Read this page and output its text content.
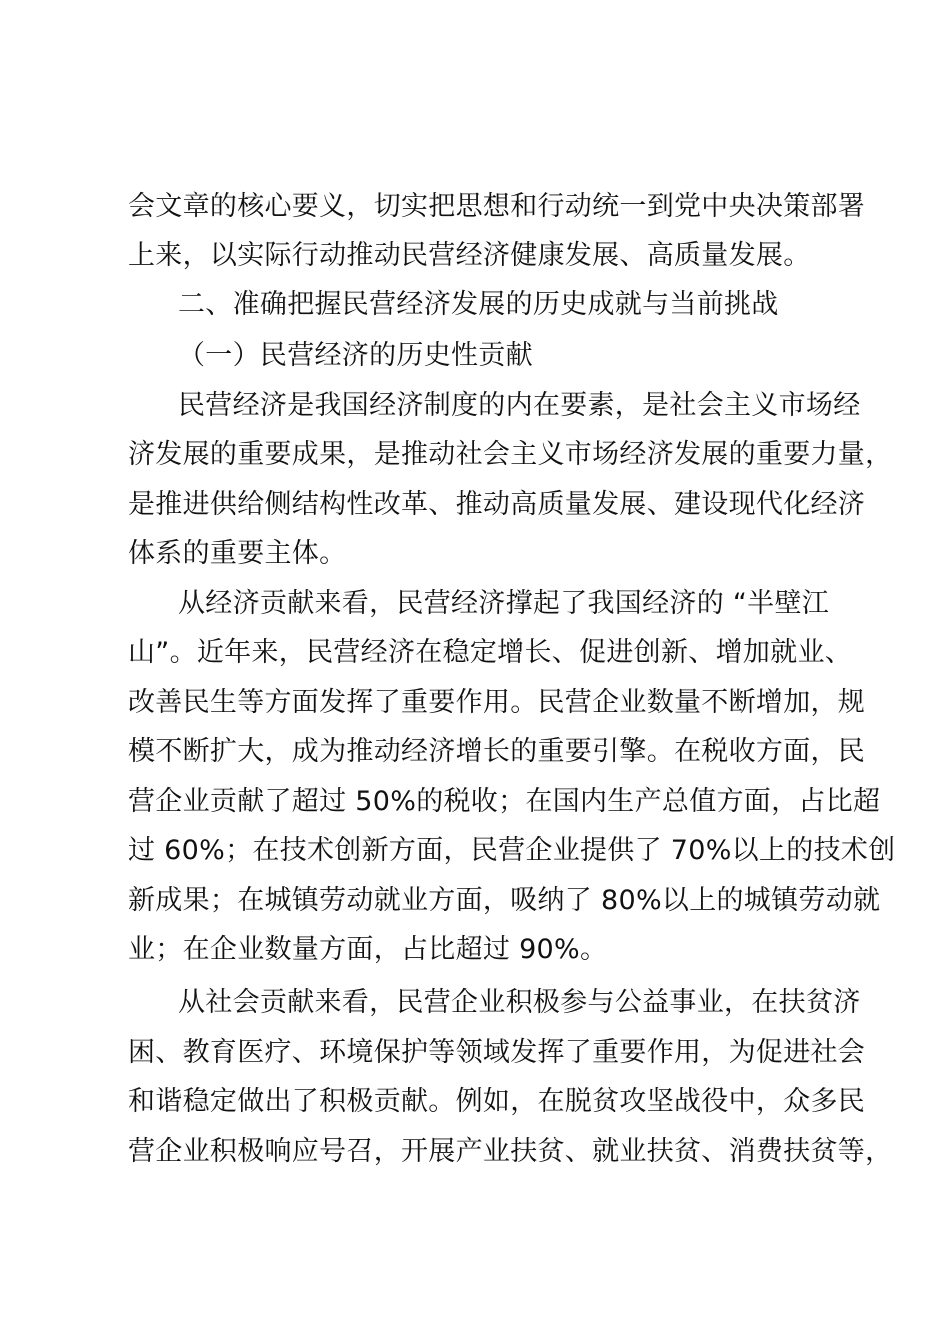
会文章的核心要义，切实把思想和行动统一到党中央决策部署
上来，以实际行动推动民营经济健康发展、高质量发展。
二、准确把握民营经济发展的历史成就与当前挑战
（一）民营经济的历史性贡献
民营经济是我国经济制度的内在要素，是社会主义市场经
济发展的重要成果，是推动社会主义市场经济发展的重要力量，
是推进供给侧结构性改革、推动高质量发展、建设现代化经济
体系的重要主体。
从经济贡献来看，民营经济撑起了我国经济的 “半壁江
山”。近年来，民营经济在稳定增长、促进创新、增加就业、
改善民生等方面发挥了重要作用。民营企业数量不断增加，规
模不断扩大，成为推动经济增长的重要引擎。在税收方面，民
营企业贡献了超过 50%的税收；在国内生产总值方面，占比超
过 60%；在技术创新方面，民营企业提供了 70%以上的技术创
新成果；在城镇劳动就业方面，吸纳了 80%以上的城镇劳动就
业；在企业数量方面，占比超过 90%。
从社会贡献来看，民营企业积极参与公益事业，在扶贫济
困、教育医疗、环境保护等领域发挥了重要作用，为促进社会
和谐稳定做出了积极贡献。例如，在脱贫攻坚战役中，众多民
营企业积极响应号召，开展产业扶贫、就业扶贫、消费扶贫等，
